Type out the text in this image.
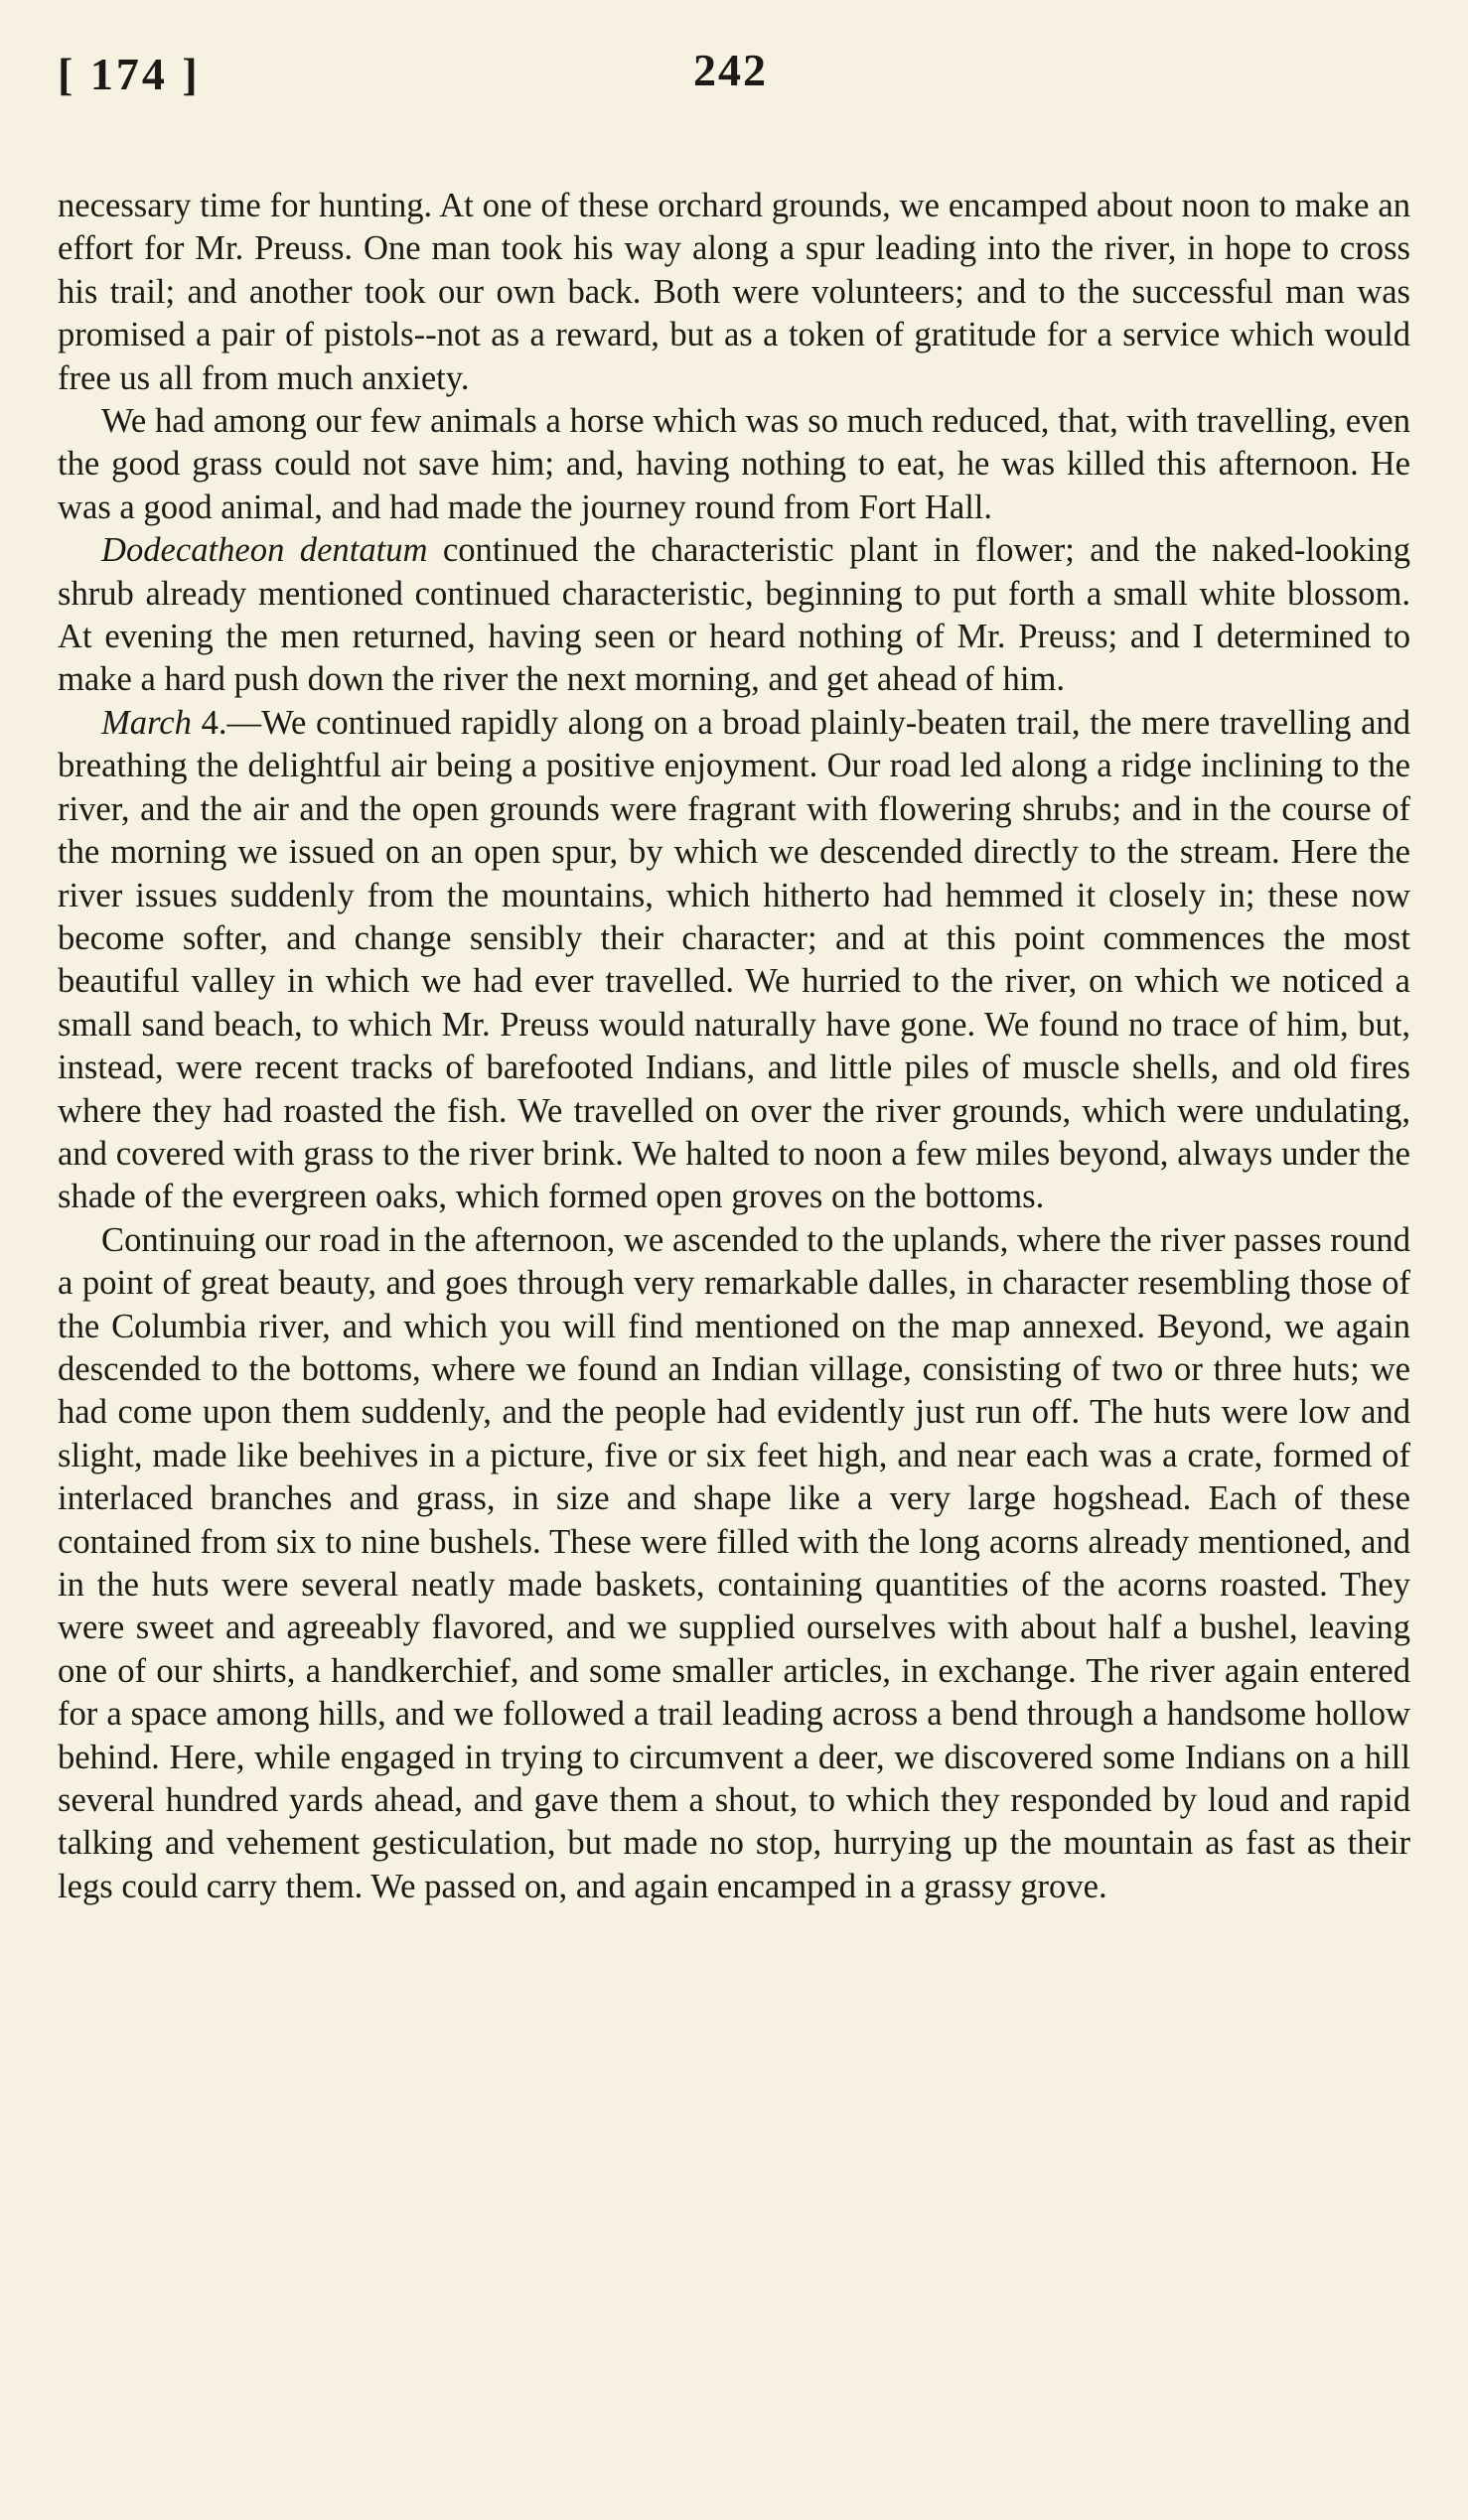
[ 174 ]	242

necessary time for hunting. At one of these orchard grounds, we encamped about noon to make an effort for Mr. Preuss. One man took his way along a spur leading into the river, in hope to cross his trail; and another took our own back. Both were volunteers; and to the successful man was promised a pair of pistols--not as a reward, but as a token of gratitude for a service which would free us all from much anxiety.

We had among our few animals a horse which was so much reduced, that, with travelling, even the good grass could not save him; and, having nothing to eat, he was killed this afternoon. He was a good animal, and had made the journey round from Fort Hall.

Dodecatheon dentatum continued the characteristic plant in flower; and the naked-looking shrub already mentioned continued characteristic, beginning to put forth a small white blossom. At evening the men returned, having seen or heard nothing of Mr. Preuss; and I determined to make a hard push down the river the next morning, and get ahead of him.

March 4.—We continued rapidly along on a broad plainly-beaten trail, the mere travelling and breathing the delightful air being a positive enjoyment. Our road led along a ridge inclining to the river, and the air and the open grounds were fragrant with flowering shrubs; and in the course of the morning we issued on an open spur, by which we descended directly to the stream. Here the river issues suddenly from the mountains, which hitherto had hemmed it closely in; these now become softer, and change sensibly their character; and at this point commences the most beautiful valley in which we had ever travelled. We hurried to the river, on which we noticed a small sand beach, to which Mr. Preuss would naturally have gone. We found no trace of him, but, instead, were recent tracks of barefooted Indians, and little piles of muscle shells, and old fires where they had roasted the fish. We travelled on over the river grounds, which were undulating, and covered with grass to the river brink. We halted to noon a few miles beyond, always under the shade of the evergreen oaks, which formed open groves on the bottoms.

Continuing our road in the afternoon, we ascended to the uplands, where the river passes round a point of great beauty, and goes through very remarkable dalles, in character resembling those of the Columbia river, and which you will find mentioned on the map annexed. Beyond, we again descended to the bottoms, where we found an Indian village, consisting of two or three huts; we had come upon them suddenly, and the people had evidently just run off. The huts were low and slight, made like beehives in a picture, five or six feet high, and near each was a crate, formed of interlaced branches and grass, in size and shape like a very large hogshead. Each of these contained from six to nine bushels. These were filled with the long acorns already mentioned, and in the huts were several neatly made baskets, containing quantities of the acorns roasted. They were sweet and agreeably flavored, and we supplied ourselves with about half a bushel, leaving one of our shirts, a handkerchief, and some smaller articles, in exchange. The river again entered for a space among hills, and we followed a trail leading across a bend through a handsome hollow behind. Here, while engaged in trying to circumvent a deer, we discovered some Indians on a hill several hundred yards ahead, and gave them a shout, to which they responded by loud and rapid talking and vehement gesticulation, but made no stop, hurrying up the mountain as fast as their legs could carry them. We passed on, and again encamped in a grassy grove.
